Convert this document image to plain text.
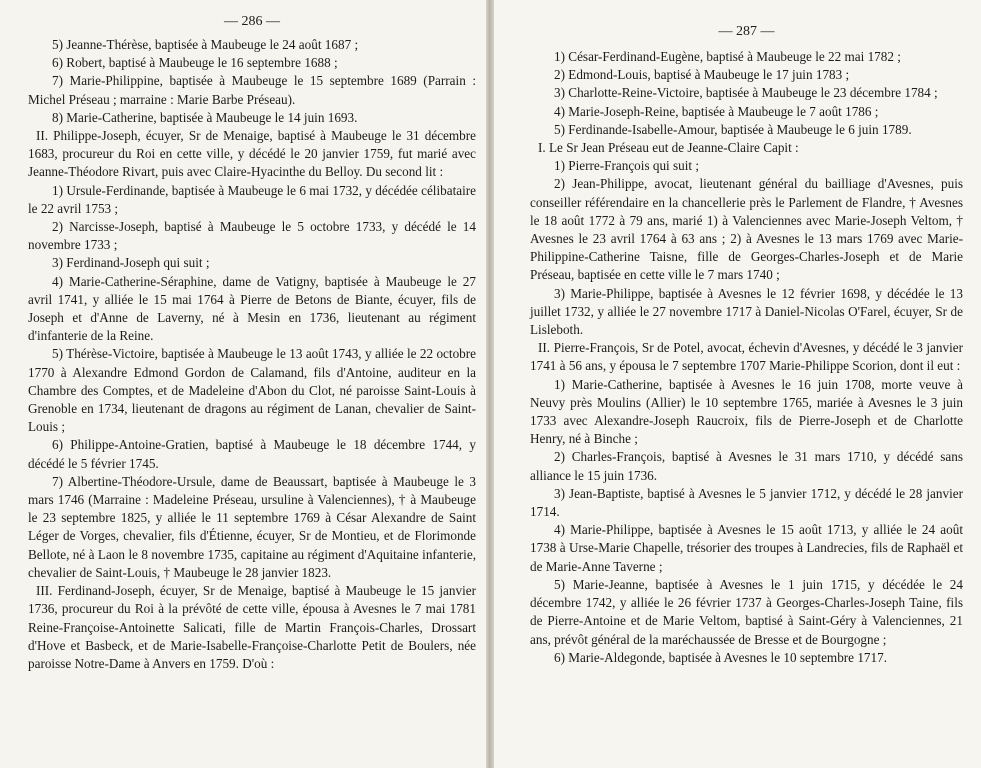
— 286 —

5) Jeanne-Thérèse, baptisée à Maubeuge le 24 août 1687 ;

6) Robert, baptisé à Maubeuge le 16 septembre 1688 ;

7) Marie-Philippine, baptisée à Maubeuge le 15 septembre 1689 (Parrain : Michel Préseau ; marraine : Marie Barbe Préseau).

8) Marie-Catherine, baptisée à Maubeuge le 14 juin 1693.

II. Philippe-Joseph, écuyer, Sr de Menaige, baptisé à Maubeuge le 31 décembre 1683, procureur du Roi en cette ville, y décédé le 20 janvier 1759, fut marié avec Jeanne-Théodore Rivart, puis avec Claire-Hyacinthe du Belloy. Du second lit :

1) Ursule-Ferdinande, baptisée à Maubeuge le 6 mai 1732, y décédée célibataire le 22 avril 1753 ;

2) Narcisse-Joseph, baptisé à Maubeuge le 5 octobre 1733, y décédé le 14 novembre 1733 ;

3) Ferdinand-Joseph qui suit ;

4) Marie-Catherine-Séraphine, dame de Vatigny, baptisée à Maubeuge le 27 avril 1741, y alliée le 15 mai 1764 à Pierre de Betons de Biante, écuyer, fils de Joseph et d'Anne de Laverny, né à Mesin en 1736, lieutenant au régiment d'infanterie de la Reine.

5) Thérèse-Victoire, baptisée à Maubeuge le 13 août 1743, y alliée le 22 octobre 1770 à Alexandre Edmond Gordon de Calamand, fils d'Antoine, auditeur en la Chambre des Comptes, et de Madeleine d'Abon du Clot, né paroisse Saint-Louis à Grenoble en 1734, lieutenant de dragons au régiment de Lanan, chevalier de Saint-Louis ;

6) Philippe-Antoine-Gratien, baptisé à Maubeuge le 18 décembre 1744, y décédé le 5 février 1745.

7) Albertine-Théodore-Ursule, dame de Beaussart, baptisée à Maubeuge le 3 mars 1746 (Marraine : Madeleine Préseau, ursuline à Valenciennes), † à Maubeuge le 23 septembre 1825, y alliée le 11 septembre 1769 à César Alexandre de Saint Léger de Vorges, chevalier, fils d'Étienne, écuyer, Sr de Montieu, et de Florimonde Bellote, né à Laon le 8 novembre 1735, capitaine au régiment d'Aquitaine infanterie, chevalier de Saint-Louis, † Maubeuge le 28 janvier 1823.

III. Ferdinand-Joseph, écuyer, Sr de Menaige, baptisé à Maubeuge le 15 janvier 1736, procureur du Roi à la prévôté de cette ville, épousa à Avesnes le 7 mai 1781 Reine-Françoise-Antoinette Salicati, fille de Martin François-Charles, Drossart d'Hove et Basbeck, et de Marie-Isabelle-Françoise-Charlotte Petit de Boulers, née paroisse Notre-Dame à Anvers en 1759. D'où :

— 287 —

1) César-Ferdinand-Eugène, baptisé à Maubeuge le 22 mai 1782 ;

2) Edmond-Louis, baptisé à Maubeuge le 17 juin 1783 ;

3) Charlotte-Reine-Victoire, baptisée à Maubeuge le 23 décembre 1784 ;

4) Marie-Joseph-Reine, baptisée à Maubeuge le 7 août 1786 ;

5) Ferdinande-Isabelle-Amour, baptisée à Maubeuge le 6 juin 1789.

I. Le Sr Jean Préseau eut de Jeanne-Claire Capit :

1) Pierre-François qui suit ;

2) Jean-Philippe, avocat, lieutenant général du bailliage d'Avesnes, puis conseiller référendaire en la chancellerie près le Parlement de Flandre, † Avesnes le 18 août 1772 à 79 ans, marié 1) à Valenciennes avec Marie-Joseph Veltom, † Avesnes le 23 avril 1764 à 63 ans ; 2) à Avesnes le 13 mars 1769 avec Marie-Philippine-Catherine Taisne, fille de Georges-Charles-Joseph et de Marie Préseau, baptisée en cette ville le 7 mars 1740 ;

3) Marie-Philippe, baptisée à Avesnes le 12 février 1698, y décédée le 13 juillet 1732, y alliée le 27 novembre 1717 à Daniel-Nicolas O'Farel, écuyer, Sr de Lisleboth.

II. Pierre-François, Sr de Potel, avocat, échevin d'Avesnes, y décédé le 3 janvier 1741 à 56 ans, y épousa le 7 septembre 1707 Marie-Philippe Scorion, dont il eut :

1) Marie-Catherine, baptisée à Avesnes le 16 juin 1708, morte veuve à Neuvy près Moulins (Allier) le 10 septembre 1765, mariée à Avesnes le 3 juin 1733 avec Alexandre-Joseph Raucroix, fils de Pierre-Joseph et de Charlotte Henry, né à Binche ;

2) Charles-François, baptisé à Avesnes le 31 mars 1710, y décédé sans alliance le 15 juin 1736.

3) Jean-Baptiste, baptisé à Avesnes le 5 janvier 1712, y décédé le 28 janvier 1714.

4) Marie-Philippe, baptisée à Avesnes le 15 août 1713, y alliée le 24 août 1738 à Urse-Marie Chapelle, trésorier des troupes à Landrecies, fils de Raphaël et de Marie-Anne Taverne ;

5) Marie-Jeanne, baptisée à Avesnes le 1 juin 1715, y décédée le 24 décembre 1742, y alliée le 26 février 1737 à Georges-Charles-Joseph Taine, fils de Pierre-Antoine et de Marie Veltom, baptisé à Saint-Géry à Valenciennes, 21 ans, prévôt général de la maréchaussée de Bresse et de Bourgogne ;

6) Marie-Aldegonde, baptisée à Avesnes le 10 septembre 1717.
